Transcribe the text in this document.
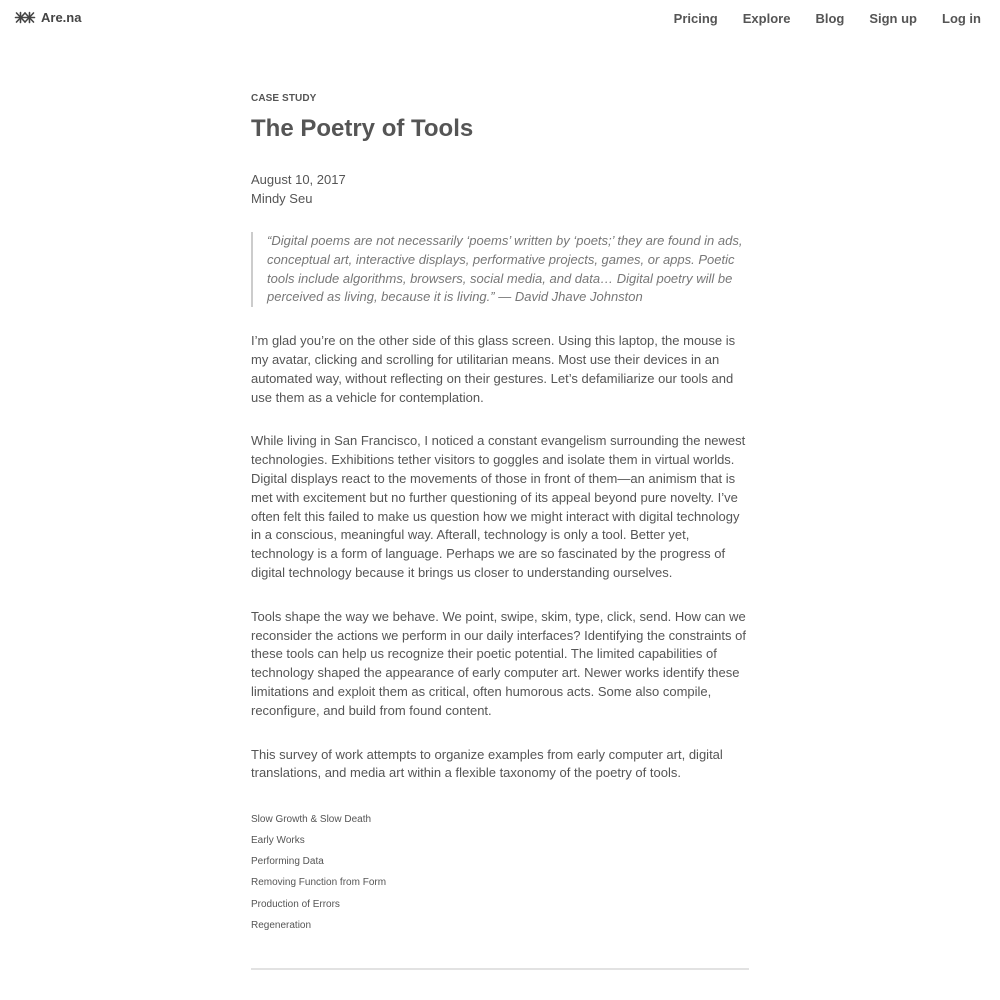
Are.na	Pricing Explore Blog Sign up Log in

CASE STUDY

The Poetry of Tools
August 10, 2017
Mindy Seu
“Digital poems are not necessarily ‘poems’ written by ‘poets;’ they are found in ads, conceptual art, interactive displays, performative projects, games, or apps. Poetic tools include algorithms, browsers, social media, and data… Digital poetry will be perceived as living, because it is living.” — David Jhave Johnston

I’m glad you’re on the other side of this glass screen. Using this laptop, the mouse is my avatar, clicking and scrolling for utilitarian means. Most use their devices in an automated way, without reflecting on their gestures. Let’s defamiliarize our tools and use them as a vehicle for contemplation.

While living in San Francisco, I noticed a constant evangelism surrounding the newest technologies. Exhibitions tether visitors to goggles and isolate them in virtual worlds. Digital displays react to the movements of those in front of them—an animism that is met with excitement but no further questioning of its appeal beyond pure novelty. I’ve often felt this failed to make us question how we might interact with digital technology in a conscious, meaningful way. Afterall, technology is only a tool. Better yet, technology is a form of language. Perhaps we are so fascinated by the progress of digital technology because it brings us closer to understanding ourselves.

Tools shape the way we behave. We point, swipe, skim, type, click, send. How can we reconsider the actions we perform in our daily interfaces? Identifying the constraints of these tools can help us recognize their poetic potential. The limited capabilities of technology shaped the appearance of early computer art. Newer works identify these limitations and exploit them as critical, often humorous acts. Some also compile, reconfigure, and build from found content.

This survey of work attempts to organize examples from early computer art, digital translations, and media art within a flexible taxonomy of the poetry of tools.

Slow Growth & Slow Death
Early Works
Performing Data
Removing Function from Form
Production of Errors
Regeneration
